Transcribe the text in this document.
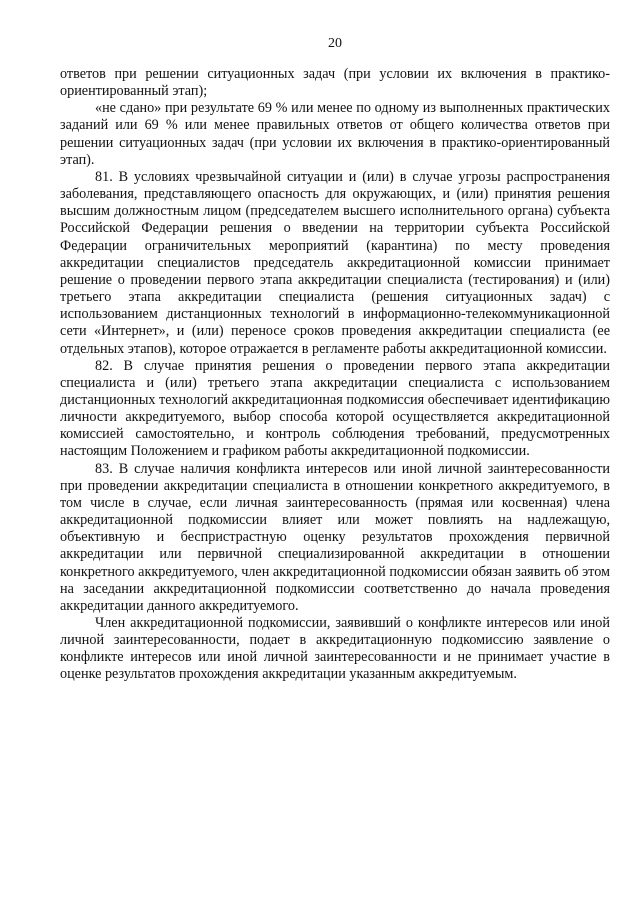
20

ответов при решении ситуационных задач (при условии их включения в практико-ориентированный этап);

«не сдано» при результате 69 % или менее по одному из выполненных практических заданий или 69 % или менее правильных ответов от общего количества ответов при решении ситуационных задач (при условии их включения в практико-ориентированный этап).

81. В условиях чрезвычайной ситуации и (или) в случае угрозы распространения заболевания, представляющего опасность для окружающих, и (или) принятия решения высшим должностным лицом (председателем высшего исполнительного органа) субъекта Российской Федерации решения о введении на территории субъекта Российской Федерации ограничительных мероприятий (карантина) по месту проведения аккредитации специалистов председатель аккредитационной комиссии принимает решение о проведении первого этапа аккредитации специалиста (тестирования) и (или) третьего этапа аккредитации специалиста (решения ситуационных задач) с использованием дистанционных технологий в информационно-телекоммуникационной сети «Интернет», и (или) переносе сроков проведения аккредитации специалиста (ее отдельных этапов), которое отражается в регламенте работы аккредитационной комиссии.

82. В случае принятия решения о проведении первого этапа аккредитации специалиста и (или) третьего этапа аккредитации специалиста с использованием дистанционных технологий аккредитационная подкомиссия обеспечивает идентификацию личности аккредитуемого, выбор способа которой осуществляется аккредитационной комиссией самостоятельно, и контроль соблюдения требований, предусмотренных настоящим Положением и графиком работы аккредитационной подкомиссии.

83. В случае наличия конфликта интересов или иной личной заинтересованности при проведении аккредитации специалиста в отношении конкретного аккредитуемого, в том числе в случае, если личная заинтересованность (прямая или косвенная) члена аккредитационной подкомиссии влияет или может повлиять на надлежащую, объективную и беспристрастную оценку результатов прохождения первичной аккредитации или первичной специализированной аккредитации в отношении конкретного аккредитуемого, член аккредитационной подкомиссии обязан заявить об этом на заседании аккредитационной подкомиссии соответственно до начала проведения аккредитации данного аккредитуемого.

Член аккредитационной подкомиссии, заявивший о конфликте интересов или иной личной заинтересованности, подает в аккредитационную подкомиссию заявление о конфликте интересов или иной личной заинтересованности и не принимает участие в оценке результатов прохождения аккредитации указанным аккредитуемым.
